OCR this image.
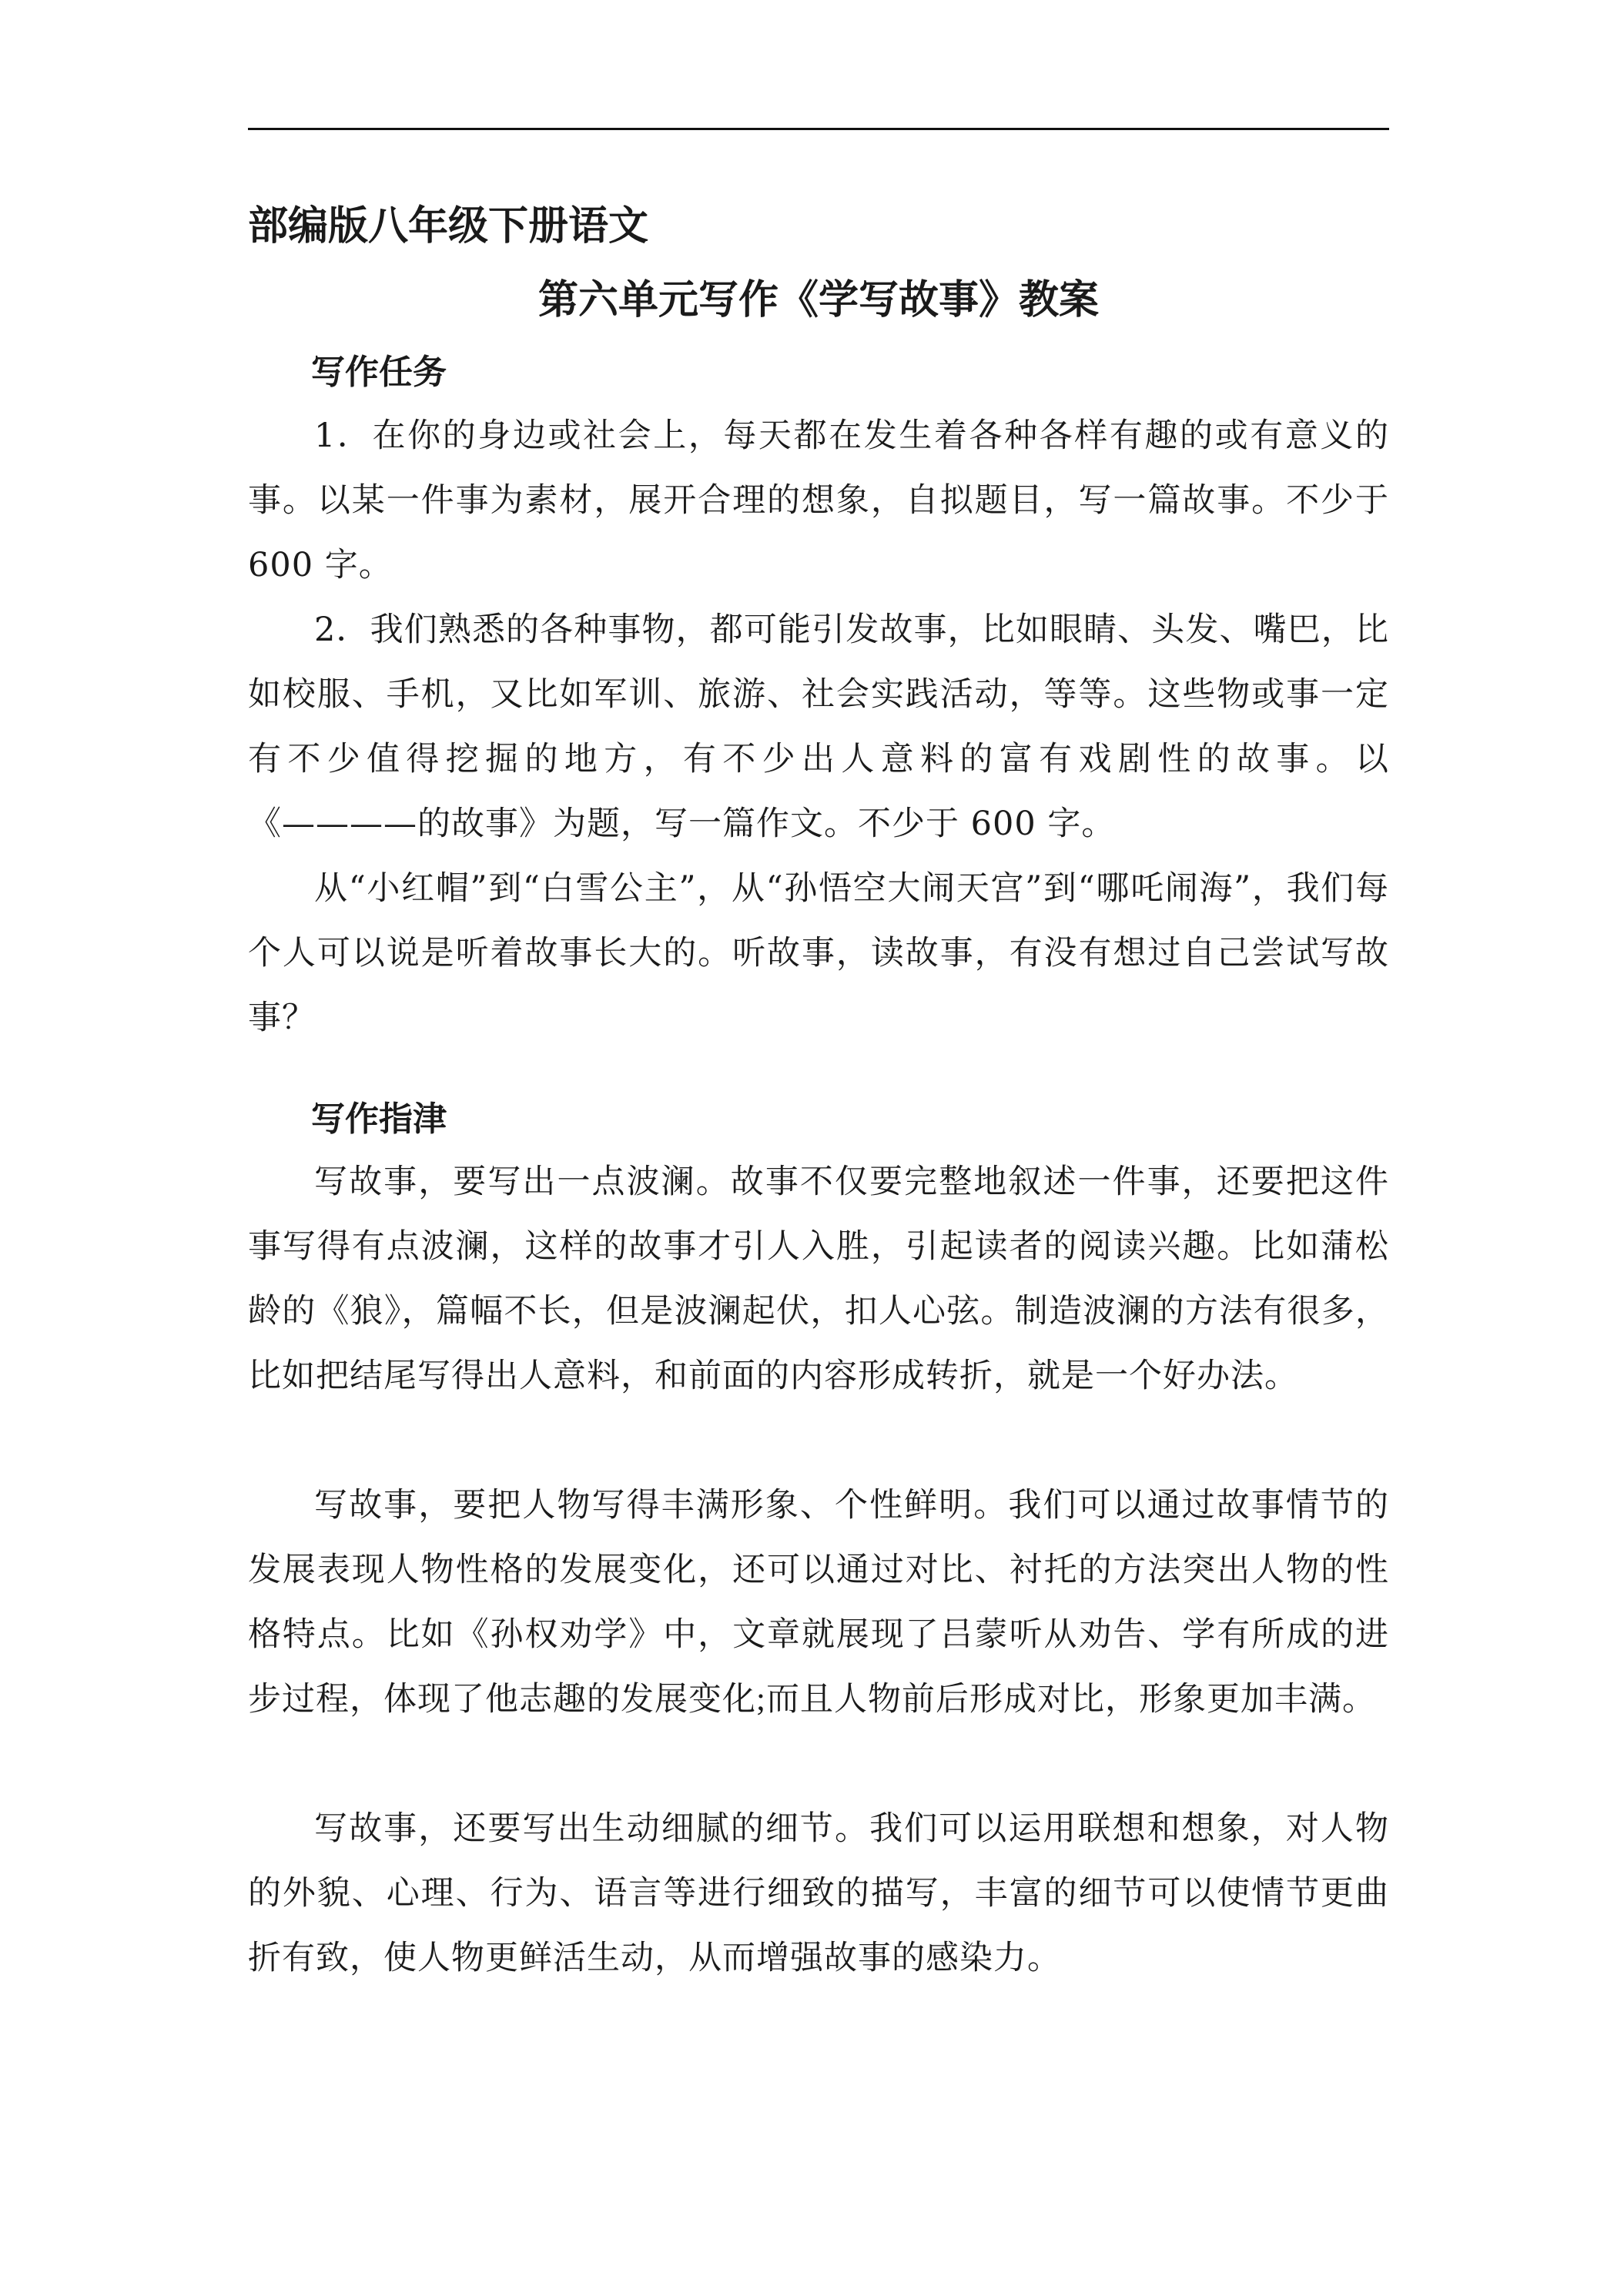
部编版八年级下册语文
第六单元写作《学写故事》教案
写作任务
1．在你的身边或社会上，每天都在发生着各种各样有趣的或有意义的事。以某一件事为素材，展开合理的想象，自拟题目，写一篇故事。不少于 600 字。
2．我们熟悉的各种事物，都可能引发故事，比如眼睛、头发、嘴巴，比如校服、手机，又比如军训、旅游、社会实践活动，等等。这些物或事一定有不少值得挖掘的地方，有不少出人意料的富有戏剧性的故事。以《————的故事》为题，写一篇作文。不少于 600 字。
从“小红帽”到“白雪公主”，从“孙悟空大闹天宫”到“哪吒闹海”，我们每个人可以说是听着故事长大的。听故事，读故事，有没有想过自己尝试写故事？
写作指津
写故事，要写出一点波澜。故事不仅要完整地叙述一件事，还要把这件事写得有点波澜，这样的故事才引人入胜，引起读者的阅读兴趣。比如蒲松龄的《狼》，篇幅不长，但是波澜起伏，扣人心弦。制造波澜的方法有很多，比如把结尾写得出人意料，和前面的内容形成转折，就是一个好办法。
写故事，要把人物写得丰满形象、个性鲜明。我们可以通过故事情节的发展表现人物性格的发展变化，还可以通过对比、衬托的方法突出人物的性格特点。比如《孙权劝学》中，文章就展现了吕蒙听从劝告、学有所成的进步过程，体现了他志趣的发展变化;而且人物前后形成对比，形象更加丰满。
写故事，还要写出生动细腻的细节。我们可以运用联想和想象，对人物的外貌、心理、行为、语言等进行细致的描写，丰富的细节可以使情节更曲折有致，使人物更鲜活生动，从而增强故事的感染力。
